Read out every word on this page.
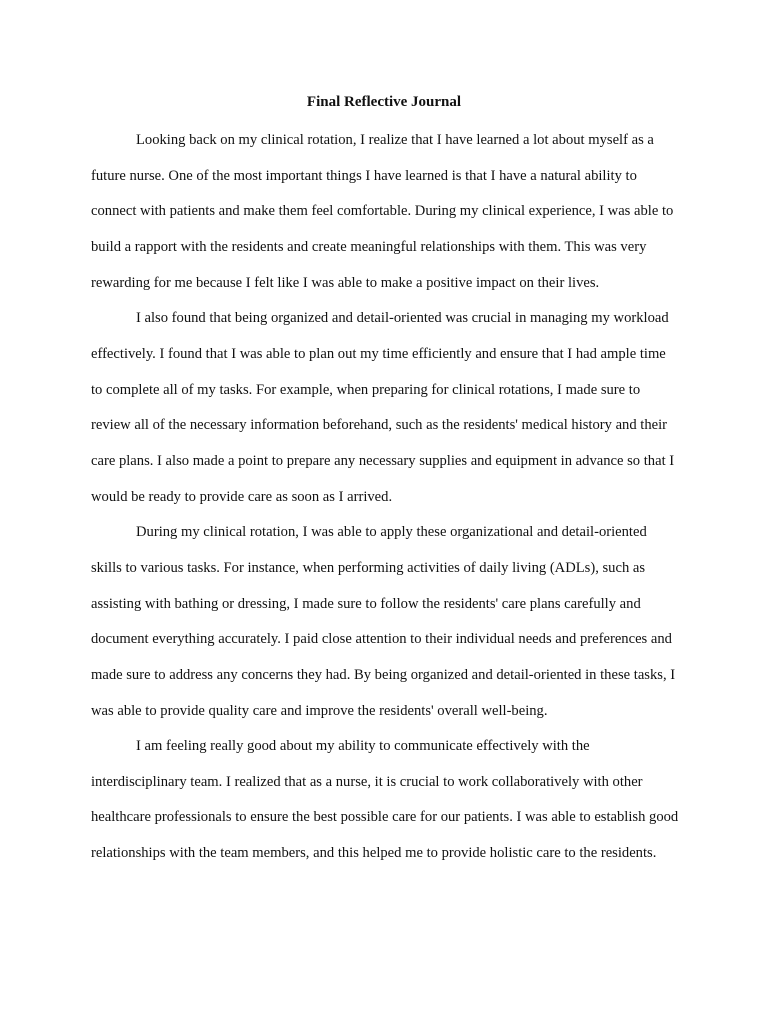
Final Reflective Journal

Looking back on my clinical rotation, I realize that I have learned a lot about myself as a future nurse. One of the most important things I have learned is that I have a natural ability to connect with patients and make them feel comfortable. During my clinical experience, I was able to build a rapport with the residents and create meaningful relationships with them. This was very rewarding for me because I felt like I was able to make a positive impact on their lives.

I also found that being organized and detail-oriented was crucial in managing my workload effectively. I found that I was able to plan out my time efficiently and ensure that I had ample time to complete all of my tasks. For example, when preparing for clinical rotations, I made sure to review all of the necessary information beforehand, such as the residents' medical history and their care plans. I also made a point to prepare any necessary supplies and equipment in advance so that I would be ready to provide care as soon as I arrived.

During my clinical rotation, I was able to apply these organizational and detail-oriented skills to various tasks. For instance, when performing activities of daily living (ADLs), such as assisting with bathing or dressing, I made sure to follow the residents' care plans carefully and document everything accurately. I paid close attention to their individual needs and preferences and made sure to address any concerns they had. By being organized and detail-oriented in these tasks, I was able to provide quality care and improve the residents' overall well-being.

I am feeling really good about my ability to communicate effectively with the interdisciplinary team. I realized that as a nurse, it is crucial to work collaboratively with other healthcare professionals to ensure the best possible care for our patients. I was able to establish good relationships with the team members, and this helped me to provide holistic care to the residents.
